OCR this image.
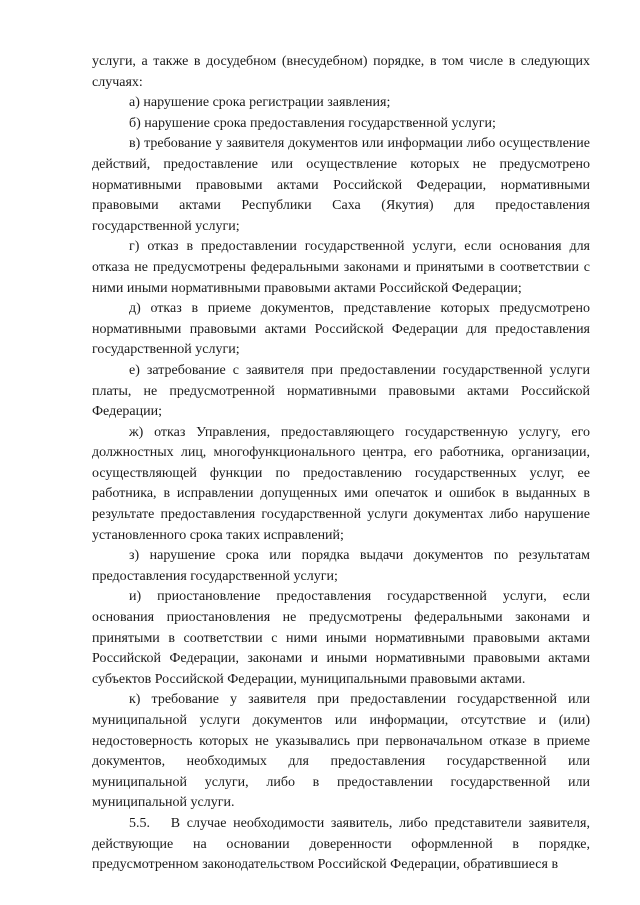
услуги, а также в досудебном (внесудебном) порядке, в том числе в следующих случаях:

а) нарушение срока регистрации заявления;

б) нарушение срока предоставления государственной услуги;

в) требование у заявителя документов или информации либо осуществление действий, предоставление или осуществление которых не предусмотрено нормативными правовыми актами Российской Федерации, нормативными правовыми актами Республики Саха (Якутия) для предоставления государственной услуги;

г) отказ в предоставлении государственной услуги, если основания для отказа не предусмотрены федеральными законами и принятыми в соответствии с ними иными нормативными правовыми актами Российской Федерации;

д) отказ в приеме документов, представление которых предусмотрено нормативными правовыми актами Российской Федерации для предоставления государственной услуги;

е) затребование с заявителя при предоставлении государственной услуги платы, не предусмотренной нормативными правовыми актами Российской Федерации;

ж) отказ Управления, предоставляющего государственную услугу, его должностных лиц, многофункционального центра, его работника, организации, осуществляющей функции по предоставлению государственных услуг, ее работника, в исправлении допущенных ими опечаток и ошибок в выданных в результате предоставления государственной услуги документах либо нарушение установленного срока таких исправлений;

з) нарушение срока или порядка выдачи документов по результатам предоставления государственной услуги;

и) приостановление предоставления государственной услуги, если основания приостановления не предусмотрены федеральными законами и принятыми в соответствии с ними иными нормативными правовыми актами Российской Федерации, законами и иными нормативными правовыми актами субъектов Российской Федерации, муниципальными правовыми актами.

к) требование у заявителя при предоставлении государственной или муниципальной услуги документов или информации, отсутствие и (или) недостоверность которых не указывались при первоначальном отказе в приеме документов, необходимых для предоставления государственной или муниципальной услуги, либо в предоставлении государственной или муниципальной услуги.

5.5.  В случае необходимости заявитель, либо представители заявителя, действующие на основании доверенности оформленной в порядке, предусмотренном законодательством Российской Федерации, обратившиеся в
